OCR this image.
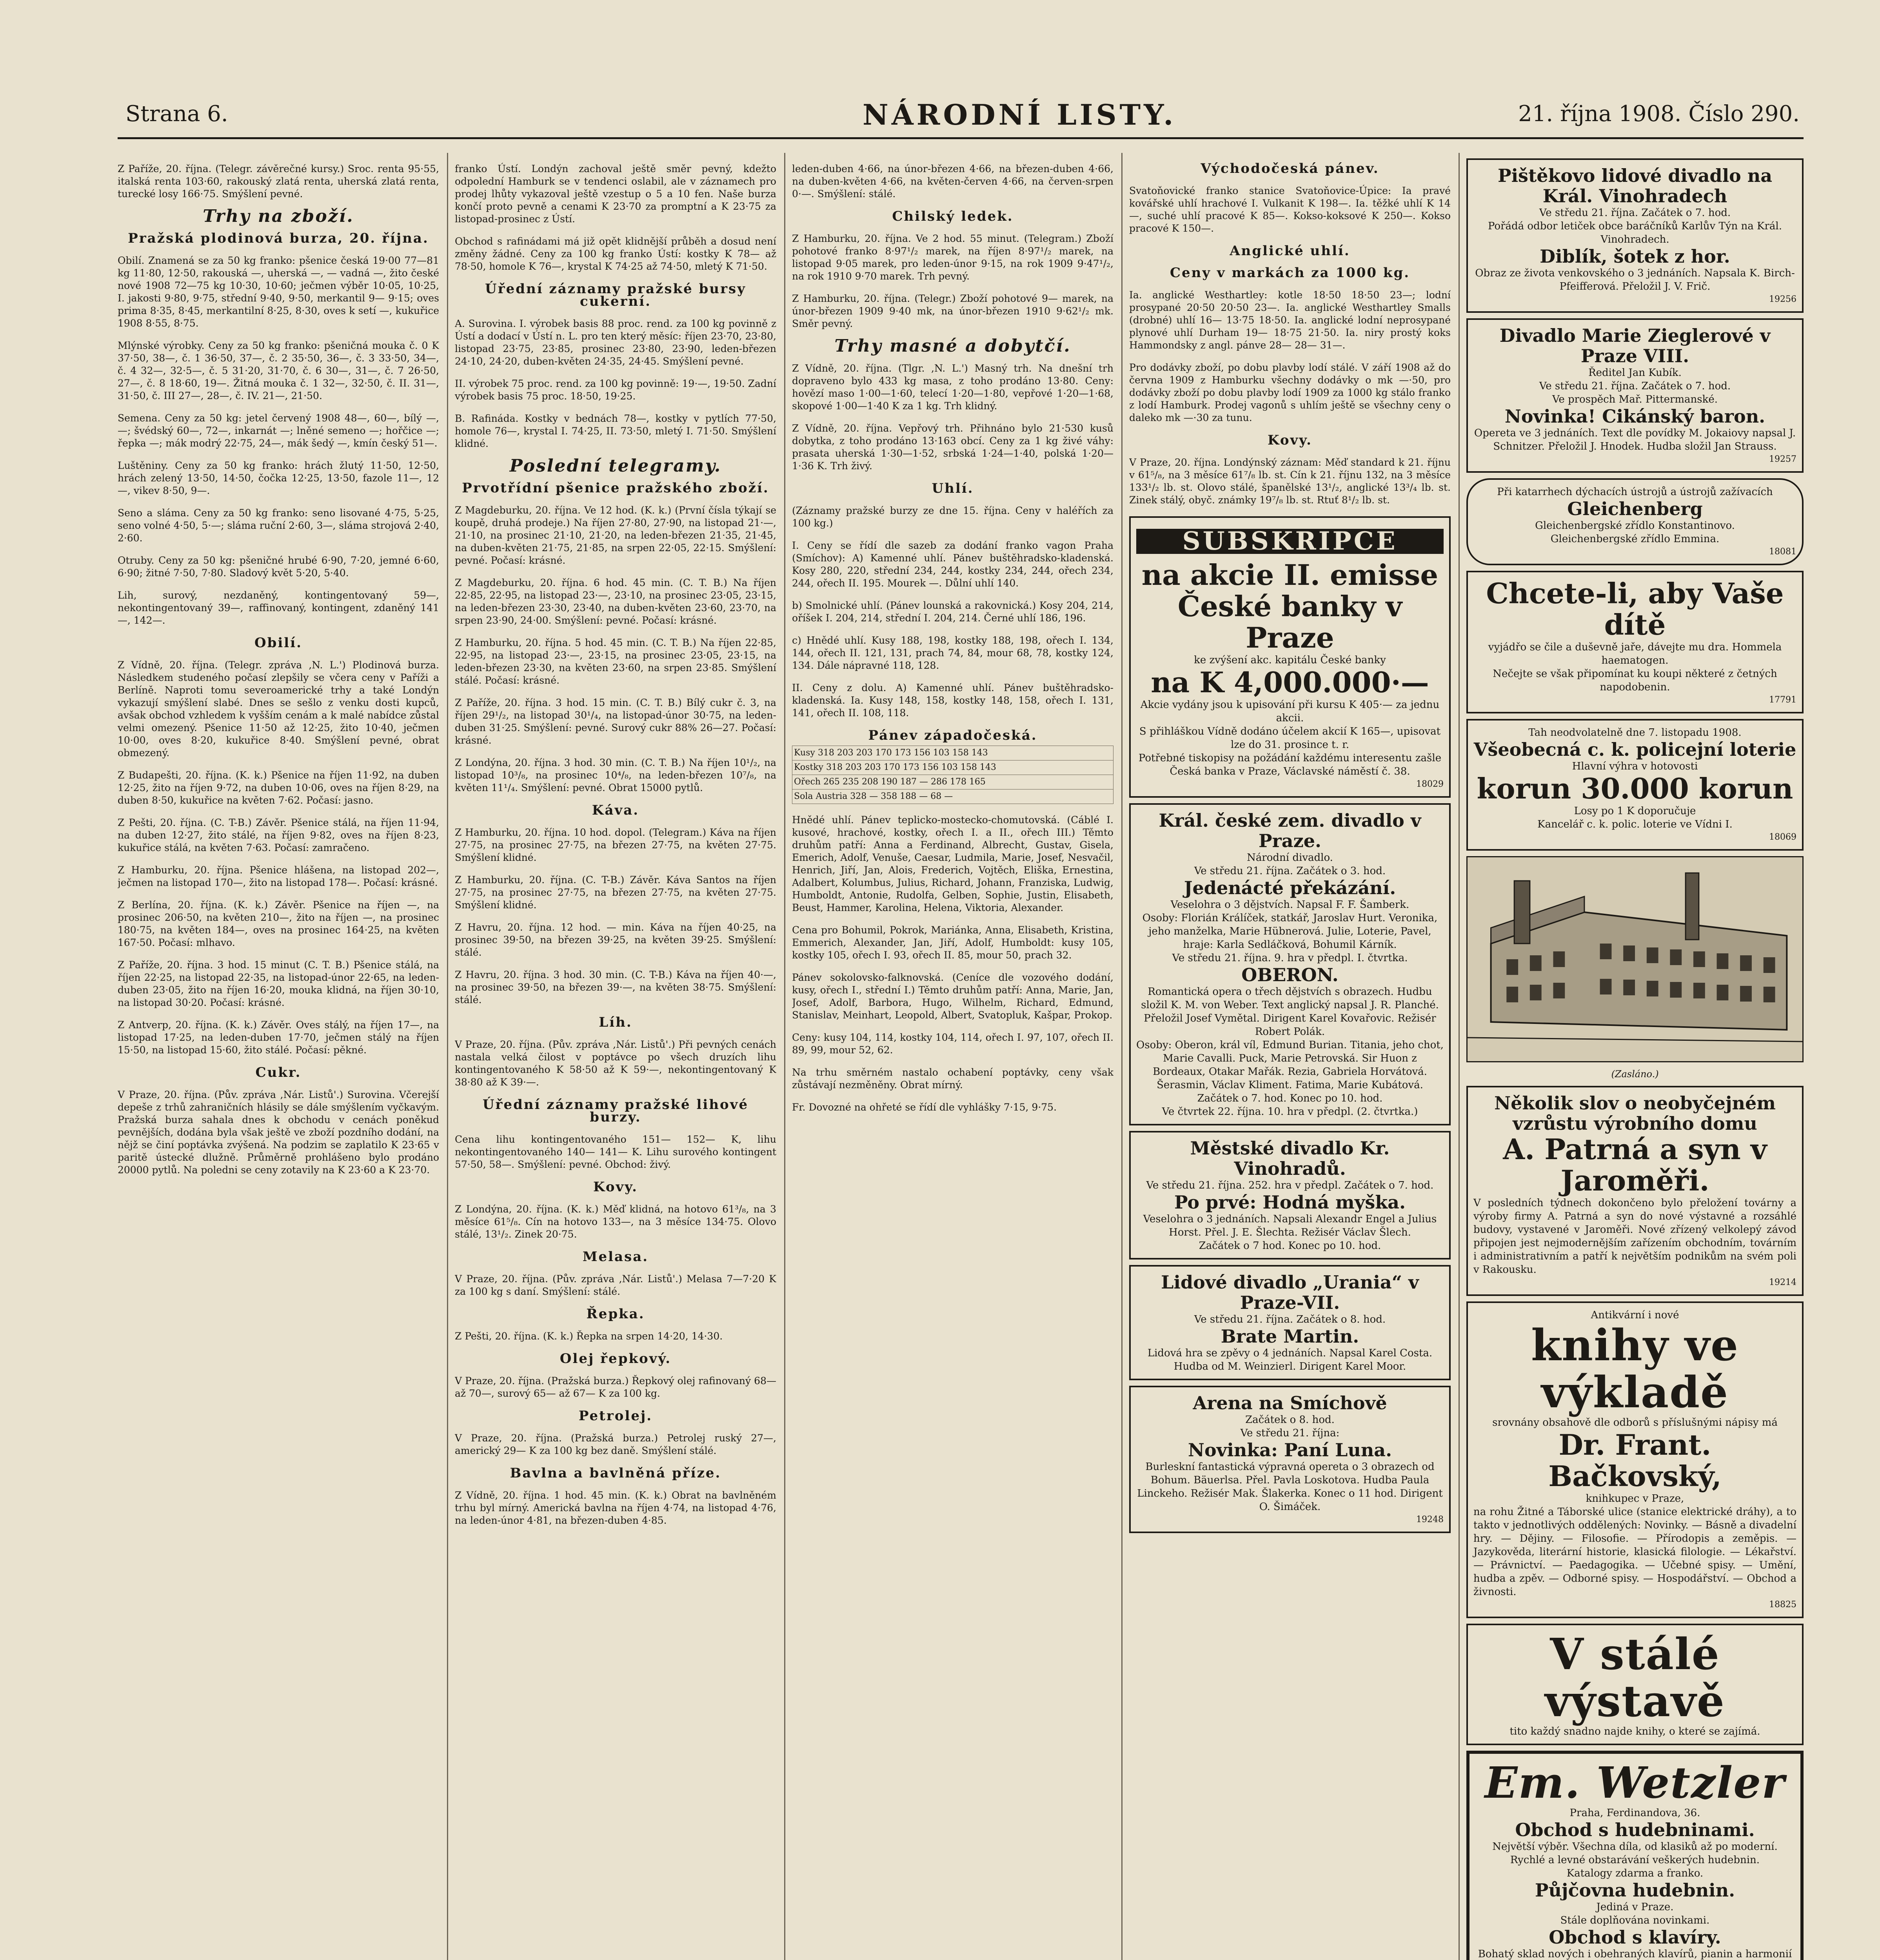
Strana 6.	NÁRODNÍ LISTY.	21. října 1908. Číslo 290.

Z Paříže, 20. října. (Telegr. závěrečné kursy.) Sroc. renta 95·55, italská renta 103·60, rakouský zlatá renta, uherská zlatá renta, turecké losy 166·75. Smýšlení pevné.

Trhy na zboží.
Pražská plodinová burza, 20. října.

Obilí. Znamená se za 50 kg franko: pšenice česká 19·00 77—81 kg 11·80, 12·50, rakouská —, uherská —, — vadná —, žito české nové 1908 72—75 kg 10·30, 10·60; ječmen výběr 10·05, 10·25, I. jakosti 9·80, 9·75, střední 9·40, 9·50, merkantil 9— 9·15; oves prima 8·35, 8·45, merkantilní 8·25, 8·30, oves k setí —, kukuřice 1908 8·55, 8·75.

Mlýnské výrobky. Ceny za 50 kg franko: pšeničná mouka č. 0 K 37·50, 38—, č. 1 36·50, 37—, č. 2 35·50, 36—, č. 3 33·50, 34—, č. 4 32—, 32·5—, č. 5 31·20, 31·70, č. 6 30—, 31—, č. 7 26·50, 27—, č. 8 18·60, 19—. Žitná mouka č. 1 32—, 32·50, č. II. 31—, 31·50, č. III 27—, 28—, č. IV. 21—, 21·50.

Semena. Ceny za 50 kg: jetel červený 1908 48—, 60—, bílý —, —; švédský 60—, 72—, inkarnát —; lněné semeno —; hořčice —; řepka —; mák modrý 22·75, 24—, mák šedý —, kmín český 51—.

Luštěniny. Ceny za 50 kg franko: hrách žlutý 11·50, 12·50, hrách zelený 13·50, 14·50, čočka 12·25, 13·50, fazole 11—, 12—, vikev 8·50, 9—.

Seno a sláma. Ceny za 50 kg franko: seno lisované 4·75, 5·25, seno volné 4·50, 5·—; sláma ruční 2·60, 3—, sláma strojová 2·40, 2·60.

Otruby. Ceny za 50 kg: pšeničné hrubé 6·90, 7·20, jemné 6·60, 6·90; žitné 7·50, 7·80. Sladový květ 5·20, 5·40.

Lih, surový, nezdaněný, kontingentovaný 59—, nekontingentovaný 39—, raffinovaný, kontingent, zdaněný 141—, 142—.

Obilí.

Z Vídně, 20. října. (Telegr. zpráva ,N. L.') Plodinová burza. Následkem studeného počasí zlepšily se včera ceny v Paříži a Berlíně. Naproti tomu severoamerické trhy a také Londýn vykazují smýšlení slabé. Dnes se sešlo z venku dosti kupců, avšak obchod vzhledem k vyšším cenám a k malé nabídce zůstal velmi omezený. Pšenice 11·50 až 12·25, žito 10·40, ječmen 10·00, oves 8·20, kukuřice 8·40. Smýšlení pevné, obrat obmezený.

Z Budapešti, 20. října. (K. k.) Pšenice na říjen 11·92, na duben 12·25, žito na říjen 9·72, na duben 10·06, oves na říjen 8·29, na duben 8·50, kukuřice na květen 7·62. Počasí: jasno.

Z Pešti, 20. října. (C. T-B.) Závěr. Pšenice stálá, na říjen 11·94, na duben 12·27, žito stálé, na říjen 9·82, oves na říjen 8·23, kukuřice stálá, na květen 7·63. Počasí: zamračeno.

Z Hamburku, 20. října. Pšenice hlášena, na listopad 202—, ječmen na listopad 170—, žito na listopad 178—. Počasí: krásné.

Z Berlína, 20. října. (K. k.) Závěr. Pšenice na říjen —, na prosinec 206·50, na květen 210—, žito na říjen —, na prosinec 180·75, na květen 184—, oves na prosinec 164·25, na květen 167·50. Počasí: mlhavo.

Z Paříže, 20. října. 3 hod. 15 minut (C. T. B.) Pšenice stálá, na říjen 22·25, na listopad 22·35, na listopad-únor 22·65, na leden-duben 23·05, žito na říjen 16·20, mouka klidná, na říjen 30·10, na listopad 30·20. Počasí: krásné.

Z Antverp, 20. října. (K. k.) Závěr. Oves stálý, na říjen 17—, na listopad 17·25, na leden-duben 17·70, ječmen stálý na říjen 15·50, na listopad 15·60, žito stálé. Počasí: pěkné.

Cukr.

V Praze, 20. října. (Pův. zpráva ,Nár. Listů'.) Surovina. Včerejší depeše z trhů zahraničních hlásily se dále smýšlením vyčkavým. Pražská burza sahala dnes k obchodu v cenách poněkud pevnějších, dodána byla však ještě ve zboží pozdního dodání, na nějž se činí poptávka zvýšená. Na podzim se zaplatilo K 23·65 v paritě ústecké dlužně. Průměrně prohlášeno bylo prodáno 20000 pytlů. Na poledni se ceny zotavily na K 23·60 a K 23·70.

franko Ústí. Londýn zachoval ještě směr pevný, kdežto odpolední Hamburk se v tendenci oslabil, ale v záznamech pro prodej lhůty vykazoval ještě vzestup o 5 a 10 fen. Naše burza končí proto pevně a cenami K 23·70 za promptní a K 23·75 za listopad-prosinec z Ústí.

Obchod s rafinádami má již opět klidnější průběh a dosud není změny žádné. Ceny za 100 kg franko Ústí: kostky K 78— až 78·50, homole K 76—, krystal K 74·25 až 74·50, mletý K 71·50.

Úřední záznamy pražské bursy cukerní.

A. Surovina. I. výrobek basis 88 proc. rend. za 100 kg povinně z Ústí a dodací v Ústí n. L. pro ten který měsíc: říjen 23·70, 23·80, listopad 23·75, 23·85, prosinec 23·80, 23·90, leden-březen 24·10, 24·20, duben-květen 24·35, 24·45. Smýšlení pevné.

II. výrobek 75 proc. rend. za 100 kg povinně: 19·—, 19·50. Zadní výrobek basis 75 proc. 18·50, 19·25.

B. Rafináda. Kostky v bednách 78—, kostky v pytlích 77·50, homole 76—, krystal I. 74·25, II. 73·50, mletý I. 71·50. Smýšlení klidné.

Poslední telegramy.
Prvotřídní pšenice pražského zboží.

Z Magdeburku, 20. října. Ve 12 hod. (K. k.) (První čísla týkají se koupě, druhá prodeje.) Na říjen 27·80, 27·90, na listopad 21·—, 21·10, na prosinec 21·10, 21·20, na leden-březen 21·35, 21·45, na duben-květen 21·75, 21·85, na srpen 22·05, 22·15. Smýšlení: pevné. Počasí: krásné.

Z Magdeburku, 20. října. 6 hod. 45 min. (C. T. B.) Na říjen 22·85, 22·95, na listopad 23·—, 23·10, na prosinec 23·05, 23·15, na leden-březen 23·30, 23·40, na duben-květen 23·60, 23·70, na srpen 23·90, 24·00. Smýšlení: pevné. Počasí: krásné.

Z Hamburku, 20. října. 5 hod. 45 min. (C. T. B.) Na říjen 22·85, 22·95, na listopad 23·—, 23·15, na prosinec 23·05, 23·15, na leden-březen 23·30, na květen 23·60, na srpen 23·85. Smýšlení stálé. Počasí: krásné.

Z Paříže, 20. října. 3 hod. 15 min. (C. T. B.) Bílý cukr č. 3, na říjen 29¹/₂, na listopad 30¹/₄, na listopad-únor 30·75, na leden-duben 31·25. Smýšlení: pevné. Surový cukr 88% 26—27. Počasí: krásné.

Z Londýna, 20. října. 3 hod. 30 min. (C. T. B.) Na říjen 10¹/₂, na listopad 10³/₈, na prosinec 10⁴/₈, na leden-březen 10⁷/₈, na květen 11¹/₄. Smýšlení: pevné. Obrat 15000 pytlů.

Káva.

Z Hamburku, 20. října. 10 hod. dopol. (Telegram.) Káva na říjen 27·75, na prosinec 27·75, na březen 27·75, na květen 27·75. Smýšlení klidné.

Z Hamburku, 20. října. (C. T-B.) Závěr. Káva Santos na říjen 27·75, na prosinec 27·75, na březen 27·75, na květen 27·75. Smýšlení klidné.

Z Havru, 20. října. 12 hod. — min. Káva na říjen 40·25, na prosinec 39·50, na březen 39·25, na květen 39·25. Smýšlení: stálé.

Z Havru, 20. října. 3 hod. 30 min. (C. T-B.) Káva na říjen 40·—, na prosinec 39·50, na březen 39·—, na květen 38·75. Smýšlení: stálé.

Líh.

V Praze, 20. října. (Pův. zpráva ,Nár. Listů'.) Při pevných cenách nastala velká čilost v poptávce po všech druzích lihu kontingentovaného K 58·50 až K 59·—, nekontingentovaný K 38·80 až K 39·—.

Úřední záznamy pražské lihové burzy.

Cena lihu kontingentovaného 151— 152— K, lihu nekontingentovaného 140— 141— K. Lihu surového kontingent 57·50, 58—. Smýšlení: pevné. Obchod: živý.

Kovy.

Z Londýna, 20. října. (K. k.) Měď klidná, na hotovo 61³/₈, na 3 měsíce 61⁵/₈. Cín na hotovo 133—, na 3 měsíce 134·75. Olovo stálé, 13¹/₂. Zinek 20·75.

Melasa.

V Praze, 20. října. (Pův. zpráva ,Nár. Listů'.) Melasa 7—7·20 K za 100 kg s daní. Smýšlení: stálé.

Řepka.

Z Pešti, 20. října. (K. k.) Řepka na srpen 14·20, 14·30.

Olej řepkový.

V Praze, 20. října. (Pražská burza.) Řepkový olej rafinovaný 68— až 70—, surový 65— až 67— K za 100 kg.

Petrolej.

V Praze, 20. října. (Pražská burza.) Petrolej ruský 27—, americký 29— K za 100 kg bez daně. Smýšlení stálé.

Bavlna a bavlněná příze.

Z Vídně, 20. října. 1 hod. 45 min. (K. k.) Obrat na bavlněném trhu byl mírný. Americká bavlna na říjen 4·74, na listopad 4·76, na leden-únor 4·81, na březen-duben 4·85.

leden-duben 4·66, na únor-březen 4·66, na březen-duben 4·66, na duben-květen 4·66, na květen-červen 4·66, na červen-srpen 0·—. Smýšlení: stálé.

Chilský ledek.

Z Hamburku, 20. října. Ve 2 hod. 55 minut. (Telegram.) Zboží pohotové franko 8·97¹/₂ marek, na říjen 8·97¹/₂ marek, na listopad 9·05 marek, pro leden-únor 9·15, na rok 1909 9·47¹/₂, na rok 1910 9·70 marek. Trh pevný.

Z Hamburku, 20. října. (Telegr.) Zboží pohotové 9— marek, na únor-březen 1909 9·40 mk, na únor-březen 1910 9·62¹/₂ mk. Směr pevný.

Trhy masné a dobytčí.

Z Vídně, 20. října. (Tlgr. ,N. L.') Masný trh. Na dnešní trh dopraveno bylo 433 kg masa, z toho prodáno 13·80. Ceny: hovězí maso 1·00—1·60, telecí 1·20—1·80, vepřové 1·20—1·68, skopové 1·00—1·40 K za 1 kg. Trh klidný.

Z Vídně, 20. října. Vepřový trh. Přihnáno bylo 21·530 kusů dobytka, z toho prodáno 13·163 obcí. Ceny za 1 kg živé váhy: prasata uherská 1·30—1·52, srbská 1·24—1·40, polská 1·20—1·36 K. Trh živý.

Uhlí.

(Záznamy pražské burzy ze dne 15. října. Ceny v haléřích za 100 kg.)

I. Ceny se řídí dle sazeb za dodání franko vagon Praha (Smíchov): A) Kamenné uhlí. Pánev buštěhradsko-kladenská. Kosy 280, 220, střední 234, 244, kostky 234, 244, ořech 234, 244, ořech II. 195. Mourek —. Důlní uhlí 140.

b) Smolnické uhlí. (Pánev lounská a rakovnická.) Kosy 204, 214, oříšek I. 204, 214, střední I. 204, 214. Černé uhlí 186, 196.

c) Hnědé uhlí. Kusy 188, 198, kostky 188, 198, ořech I. 134, 144, ořech II. 121, 131, prach 74, 84, mour 68, 78, kostky 124, 134. Dále nápravné 118, 128.

II. Ceny z dolu. A) Kamenné uhlí. Pánev buštěhradsko-kladenská. Ia. Kusy 148, 158, kostky 148, 158, ořech I. 131, 141, ořech II. 108, 118.

Pánev západočeská.
Kusy 318 203 203 170 173 156 103 158 143
Kostky 318 203 203 170 173 156 103 158 143
Ořech 265 235 208 190 187 — 286 178 165
Sola Austria 328 — 358 188 — 68 —

Hnědé uhlí. Pánev teplicko-mostecko-chomutovská. (Cáblé I. kusové, hrachové, kostky, ořech I. a II., ořech III.) Těmto druhům patří: Anna a Ferdinand, Albrecht, Gustav, Gisela, Emerich, Adolf, Venuše, Caesar, Ludmila, Marie, Josef, Nesvačil, Henrich, Jiří, Jan, Alois, Frederich, Vojtěch, Eliška, Ernestina, Adalbert, Kolumbus, Julius, Richard, Johann, Franziska, Ludwig, Humboldt, Antonie, Rudolfa, Gelben, Sophie, Justin, Elisabeth, Beust, Hammer, Karolina, Helena, Viktoria, Alexander.

Cena pro Bohumil, Pokrok, Mariánka, Anna, Elisabeth, Kristina, Emmerich, Alexander, Jan, Jiří, Adolf, Humboldt: kusy 105, kostky 105, ořech I. 93, ořech II. 85, mour 50, prach 32.

Pánev sokolovsko-falknovská. (Ceníce dle vozového dodání, kusy, ořech I., střední I.) Těmto druhům patří: Anna, Marie, Jan, Josef, Adolf, Barbora, Hugo, Wilhelm, Richard, Edmund, Stanislav, Meinhart, Leopold, Albert, Svatopluk, Kašpar, Prokop.

Ceny: kusy 104, 114, kostky 104, 114, ořech I. 97, 107, ořech II. 89, 99, mour 52, 62.

Na trhu směrném nastalo ochabení poptávky, ceny však zůstávají nezměněny. Obrat mírný.

Fr. Dovozné na ohřeté se řídí dle vyhlášky 7·15, 9·75.

Východočeská pánev.

Svatoňovické franko stanice Svatoňovice-Úpice: Ia pravé kovářské uhlí hrachové I. Vulkanit K 198—. Ia. těžké uhlí K 14—, suché uhlí pracové K 85—. Kokso-koksové K 250—. Kokso pracové K 150—.

Anglické uhlí.
Ceny v markách za 1000 kg.

Ia. anglické Westhartley: kotle 18·50 18·50 23—; lodní prosypané 20·50 20·50 23—. Ia. anglické Westhartley Smalls (drobné) uhlí 16— 13·75 18·50. Ia. anglické lodní neprosypané plynové uhlí Durham 19— 18·75 21·50. Ia. niry prostý koks Hammondsky z angl. pánve 28— 28— 31—.

Pro dodávky zboží, po dobu plavby lodí stálé. V září 1908 až do června 1909 z Hamburku všechny dodávky o mk —·50, pro dodávky zboží po dobu plavby lodí 1909 za 1000 kg stálo franko z lodí Hamburk. Prodej vagonů s uhlím ještě se všechny ceny o daleko mk —·30 za tunu.

Kovy.

V Praze, 20. října. Londýnský záznam: Měď standard k 21. říjnu v 61⁵/₈, na 3 měsíce 61⁷/₈ lb. st. Cín k 21. říjnu 132, na 3 měsíce 133¹/₂ lb. st. Olovo stálé, španělské 13¹/₂, anglické 13³/₄ lb. st. Zinek stálý, obyč. známky 19⁷/₈ lb. st. Rtuť 8¹/₂ lb. st.

SUBSKRIPCE
na akcie II. emisse
České banky v Praze
ke zvýšení akc. kapitálu České banky
na K 4,000.000·—
Akcie vydány jsou k upisování při kursu K 405·— za jednu akcii.
S přihláškou Vídně dodáno účelem akcií K 165—, upisovat lze do 31. prosince t. r.
Potřebné tiskopisy na požádání každému interesentu zašle Česká banka v Praze, Václavské náměstí č. 38.
18029
Král. české zem. divadlo v Praze.
Národní divadlo.
Ve středu 21. října. Začátek o 3. hod.
Jedenácté překázání.
Veselohra o 3 dějstvích. Napsal F. F. Šamberk.
Osoby: Florián Králíček, statkář, Jaroslav Hurt. Veronika, jeho manželka, Marie Hübnerová. Julie, Loterie, Pavel, hraje: Karla Sedláčková, Bohumil Kárník.
Ve středu 21. října. 9. hra v předpl. I. čtvrtka.
OBERON.
Romantická opera o třech dějstvích s obrazech. Hudbu složil K. M. von Weber. Text anglický napsal J. R. Planché. Přeložil Josef Vymětal. Dirigent Karel Kovařovic. Režisér Robert Polák.
Osoby: Oberon, král víl, Edmund Burian. Titania, jeho chot, Marie Cavalli. Puck, Marie Petrovská. Sir Huon z Bordeaux, Otakar Mařák. Rezia, Gabriela Horvátová. Šerasmin, Václav Kliment. Fatima, Marie Kubátová.
Začátek o 7. hod. Konec po 10. hod.
Ve čtvrtek 22. října. 10. hra v předpl. (2. čtvrtka.)
Městské divadlo Kr. Vinohradů.
Ve středu 21. října. 252. hra v předpl. Začátek o 7. hod.
Po prvé: Hodná myška.
Veselohra o 3 jednáních. Napsali Alexandr Engel a Julius Horst. Přel. J. E. Šlechta. Režisér Václav Šlech.
Začátek o 7 hod. Konec po 10. hod.
Lidové divadlo „Urania“ v Praze-VII.
Ve středu 21. října. Začátek o 8. hod.
Brate Martin.
Lidová hra se zpěvy o 4 jednáních. Napsal Karel Costa. Hudba od M. Weinzierl. Dirigent Karel Moor.
Arena na Smíchově
Začátek o 8. hod.
Ve středu 21. října:
Novinka: Paní Luna.
Burleskní fantastická výpravná opereta o 3 obrazech od Bohum. Bäuerlsa. Přel. Pavla Loskotova. Hudba Paula Linckeho. Režisér Mak. Šlakerka. Konec o 11 hod. Dirigent O. Šimáček.
19248
Pištěkovo lidové divadlo na Král. Vinohradech
Ve středu 21. října. Začátek o 7. hod.
Pořádá odbor letiček obce baráčníků Karlův Týn na Král. Vinohradech.
Diblík, šotek z hor.
Obraz ze života venkovského o 3 jednáních. Napsala K. Birch-Pfeifferová. Přeložil J. V. Frič.
19256
Divadlo Marie Zieglerové v Praze VIII.
Ředitel Jan Kubík.
Ve středu 21. října. Začátek o 7. hod.
Ve prospěch Mař. Pittermanské.
Novinka! Cikánský baron.
Opereta ve 3 jednáních. Text dle povídky M. Jokaiovy napsal J. Schnitzer. Přeložil J. Hnodek. Hudba složil Jan Strauss.
19257
Při katarrhech dýchacích ústrojů a ústrojů zažívacích
Gleichenberg
Gleichenbergské zřídlo Konstantinovo.
Gleichenbergské zřídlo Emmina.
18081
Chcete-li, aby Vaše dítě
vyjádřo se čile a duševně jaře, dávejte mu dra. Hommela haematogen.
Nečejte se však připomínat ku koupi některé z četných napodobenin.
17791
Tah neodvolatelně dne 7. listopadu 1908.
Všeobecná c. k. policejní loterie
Hlavní výhra v hotovosti
korun 30.000 korun
Losy po 1 K doporučuje
Kancelář c. k. polic. loterie ve Vídni I.
18069
(Zasláno.)
Několik slov o neobyčejném vzrůstu výrobního domu
A. Patrná a syn v Jaroměři.
V posledních týdnech dokončeno bylo přeložení továrny a výroby firmy A. Patrná a syn do nové výstavné a rozsáhlé budovy, vystavené v Jaroměři. Nové zřízený velkolepý závod připojen jest nejmodernějším zařízením obchodním, továrním i administrativním a patří k největším podnikům na svém poli v Rakousku.
19214
Antikvární i nové
knihy ve výkladě
srovnány obsahově dle odborů s příslušnými nápisy má
Dr. Frant. Bačkovský,
knihkupec v Praze,
na rohu Žitné a Táborské ulice (stanice elektrické dráhy), a to takto v jednotlivých oddělených: Novinky. — Básně a divadelní hry. — Dějiny. — Filosofie. — Přírodopis a zeměpis. — Jazykověda, literární historie, klasická filologie. — Lékařství. — Právnictví. — Paedagogika. — Učebné spisy. — Umění, hudba a zpěv. — Odborné spisy. — Hospodářství. — Obchod a živnosti.
18825
V stálé výstavě
tito každý snadno najde knihy, o které se zajímá.
Em. Wetzler
Praha, Ferdinandova, 36.
Obchod s hudebninami.
Největší výběr. Všechna díla, od klasiků až po moderní. Rychlé a levné obstarávání veškerých hudebnin.
Katalogy zdarma a franko.
Půjčovna hudebnin.
Jediná v Praze.
Stále doplňována novinkami.
Obchod s klavíry.
Bohatý sklad nových i obehraných klavírů, pianin a harmonií
